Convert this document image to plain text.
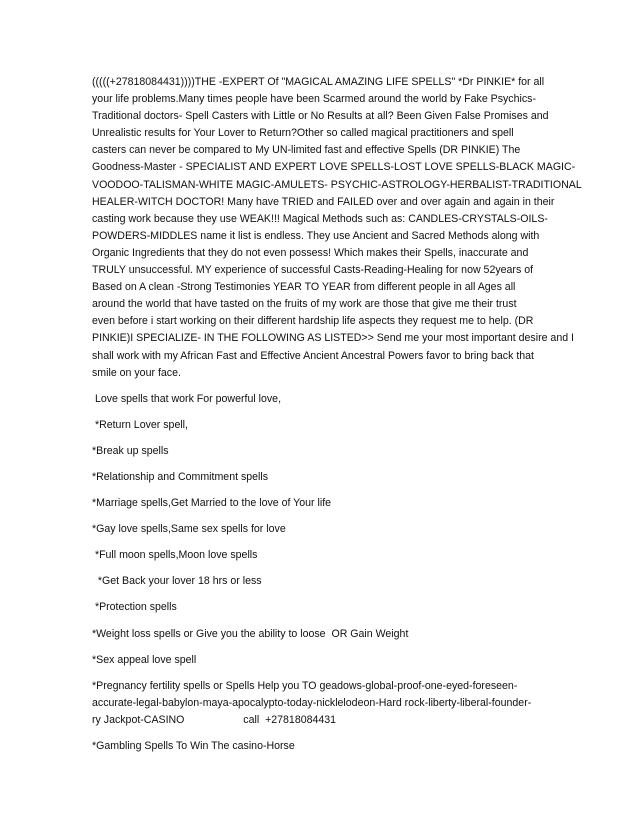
(((((+27818084431))))THE -EXPERT Of "MAGICAL AMAZING LIFE SPELLS" *Dr PINKIE* for all
your life problems.Many times people have been Scarmed around the world by Fake Psychics-
Traditional doctors- Spell Casters with Little or No Results at all? Been Given False Promises and
Unrealistic results for Your Lover to Return?Other so called magical practitioners and spell
casters can never be compared to My UN-limited fast and effective Spells (DR PINKIE) The
Goodness-Master - SPECIALIST AND EXPERT LOVE SPELLS-LOST LOVE SPELLS-BLACK MAGIC-
VOODOO-TALISMAN-WHITE MAGIC-AMULETS- PSYCHIC-ASTROLOGY-HERBALIST-TRADITIONAL
HEALER-WITCH DOCTOR! Many have TRIED and FAILED over and over again and again in their
casting work because they use WEAK!!! Magical Methods such as: CANDLES-CRYSTALS-OILS-
POWDERS-MIDDLES name it list is endless. They use Ancient and Sacred Methods along with
Organic Ingredients that they do not even possess! Which makes their Spells, inaccurate and
TRULY unsuccessful. MY experience of successful Casts-Reading-Healing for now 52years of
Based on A clean -Strong Testimonies YEAR TO YEAR from different people in all Ages all
around the world that have tasted on the fruits of my work are those that give me their trust
even before i start working on their different hardship life aspects they request me to help. (DR
PINKIE)I SPECIALIZE- IN THE FOLLOWING AS LISTED>> Send me your most important desire and I
shall work with my African Fast and Effective Ancient Ancestral Powers favor to bring back that
smile on your face.

Love spells that work For powerful love,

*Return Lover spell,

*Break up spells

*Relationship and Commitment spells

*Marriage spells,Get Married to the love of Your life

*Gay love spells,Same sex spells for love

*Full moon spells,Moon love spells

*Get Back your lover 18 hrs or less

*Protection spells

*Weight loss spells or Give you the ability to loose  OR Gain Weight

*Sex appeal love spell

*Pregnancy fertility spells or Spells Help you TO geadows-global-proof-one-eyed-foreseen-
accurate-legal-babylon-maya-apocalypto-today-nicklelodeon-Hard rock-liberty-liberal-founder-
ry Jackpot-CASINO                    call  +27818084431

*Gambling Spells To Win The casino-Horse
